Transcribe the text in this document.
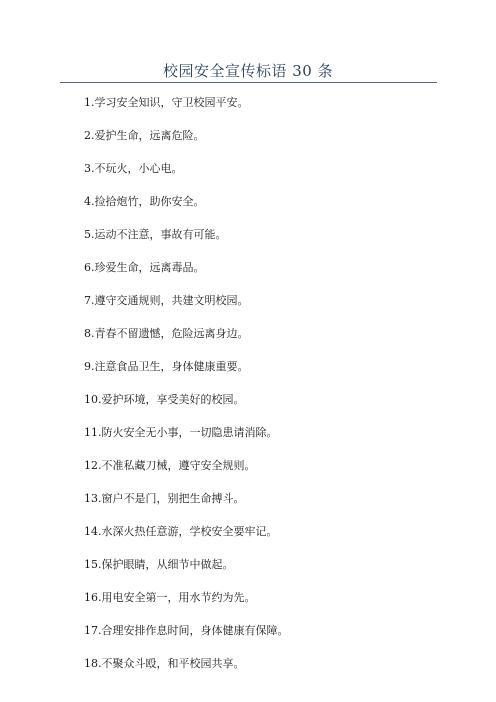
校园安全宣传标语 30 条
1.学习安全知识，守卫校园平安。
2.爱护生命，远离危险。
3.不玩火，小心电。
4.捡拾炮竹，助你安全。
5.运动不注意，事故有可能。
6.珍爱生命，远离毒品。
7.遵守交通规则，共建文明校园。
8.青春不留遗憾，危险远离身边。
9.注意食品卫生，身体健康重要。
10.爱护环境，享受美好的校园。
11.防火安全无小事，一切隐患请消除。
12.不准私藏刀械，遵守安全规则。
13.窗户不是门，别把生命搏斗。
14.水深火热任意游，学校安全要牢记。
15.保护眼睛，从细节中做起。
16.用电安全第一，用水节约为先。
17.合理安排作息时间，身体健康有保障。
18.不聚众斗殴，和平校园共享。
